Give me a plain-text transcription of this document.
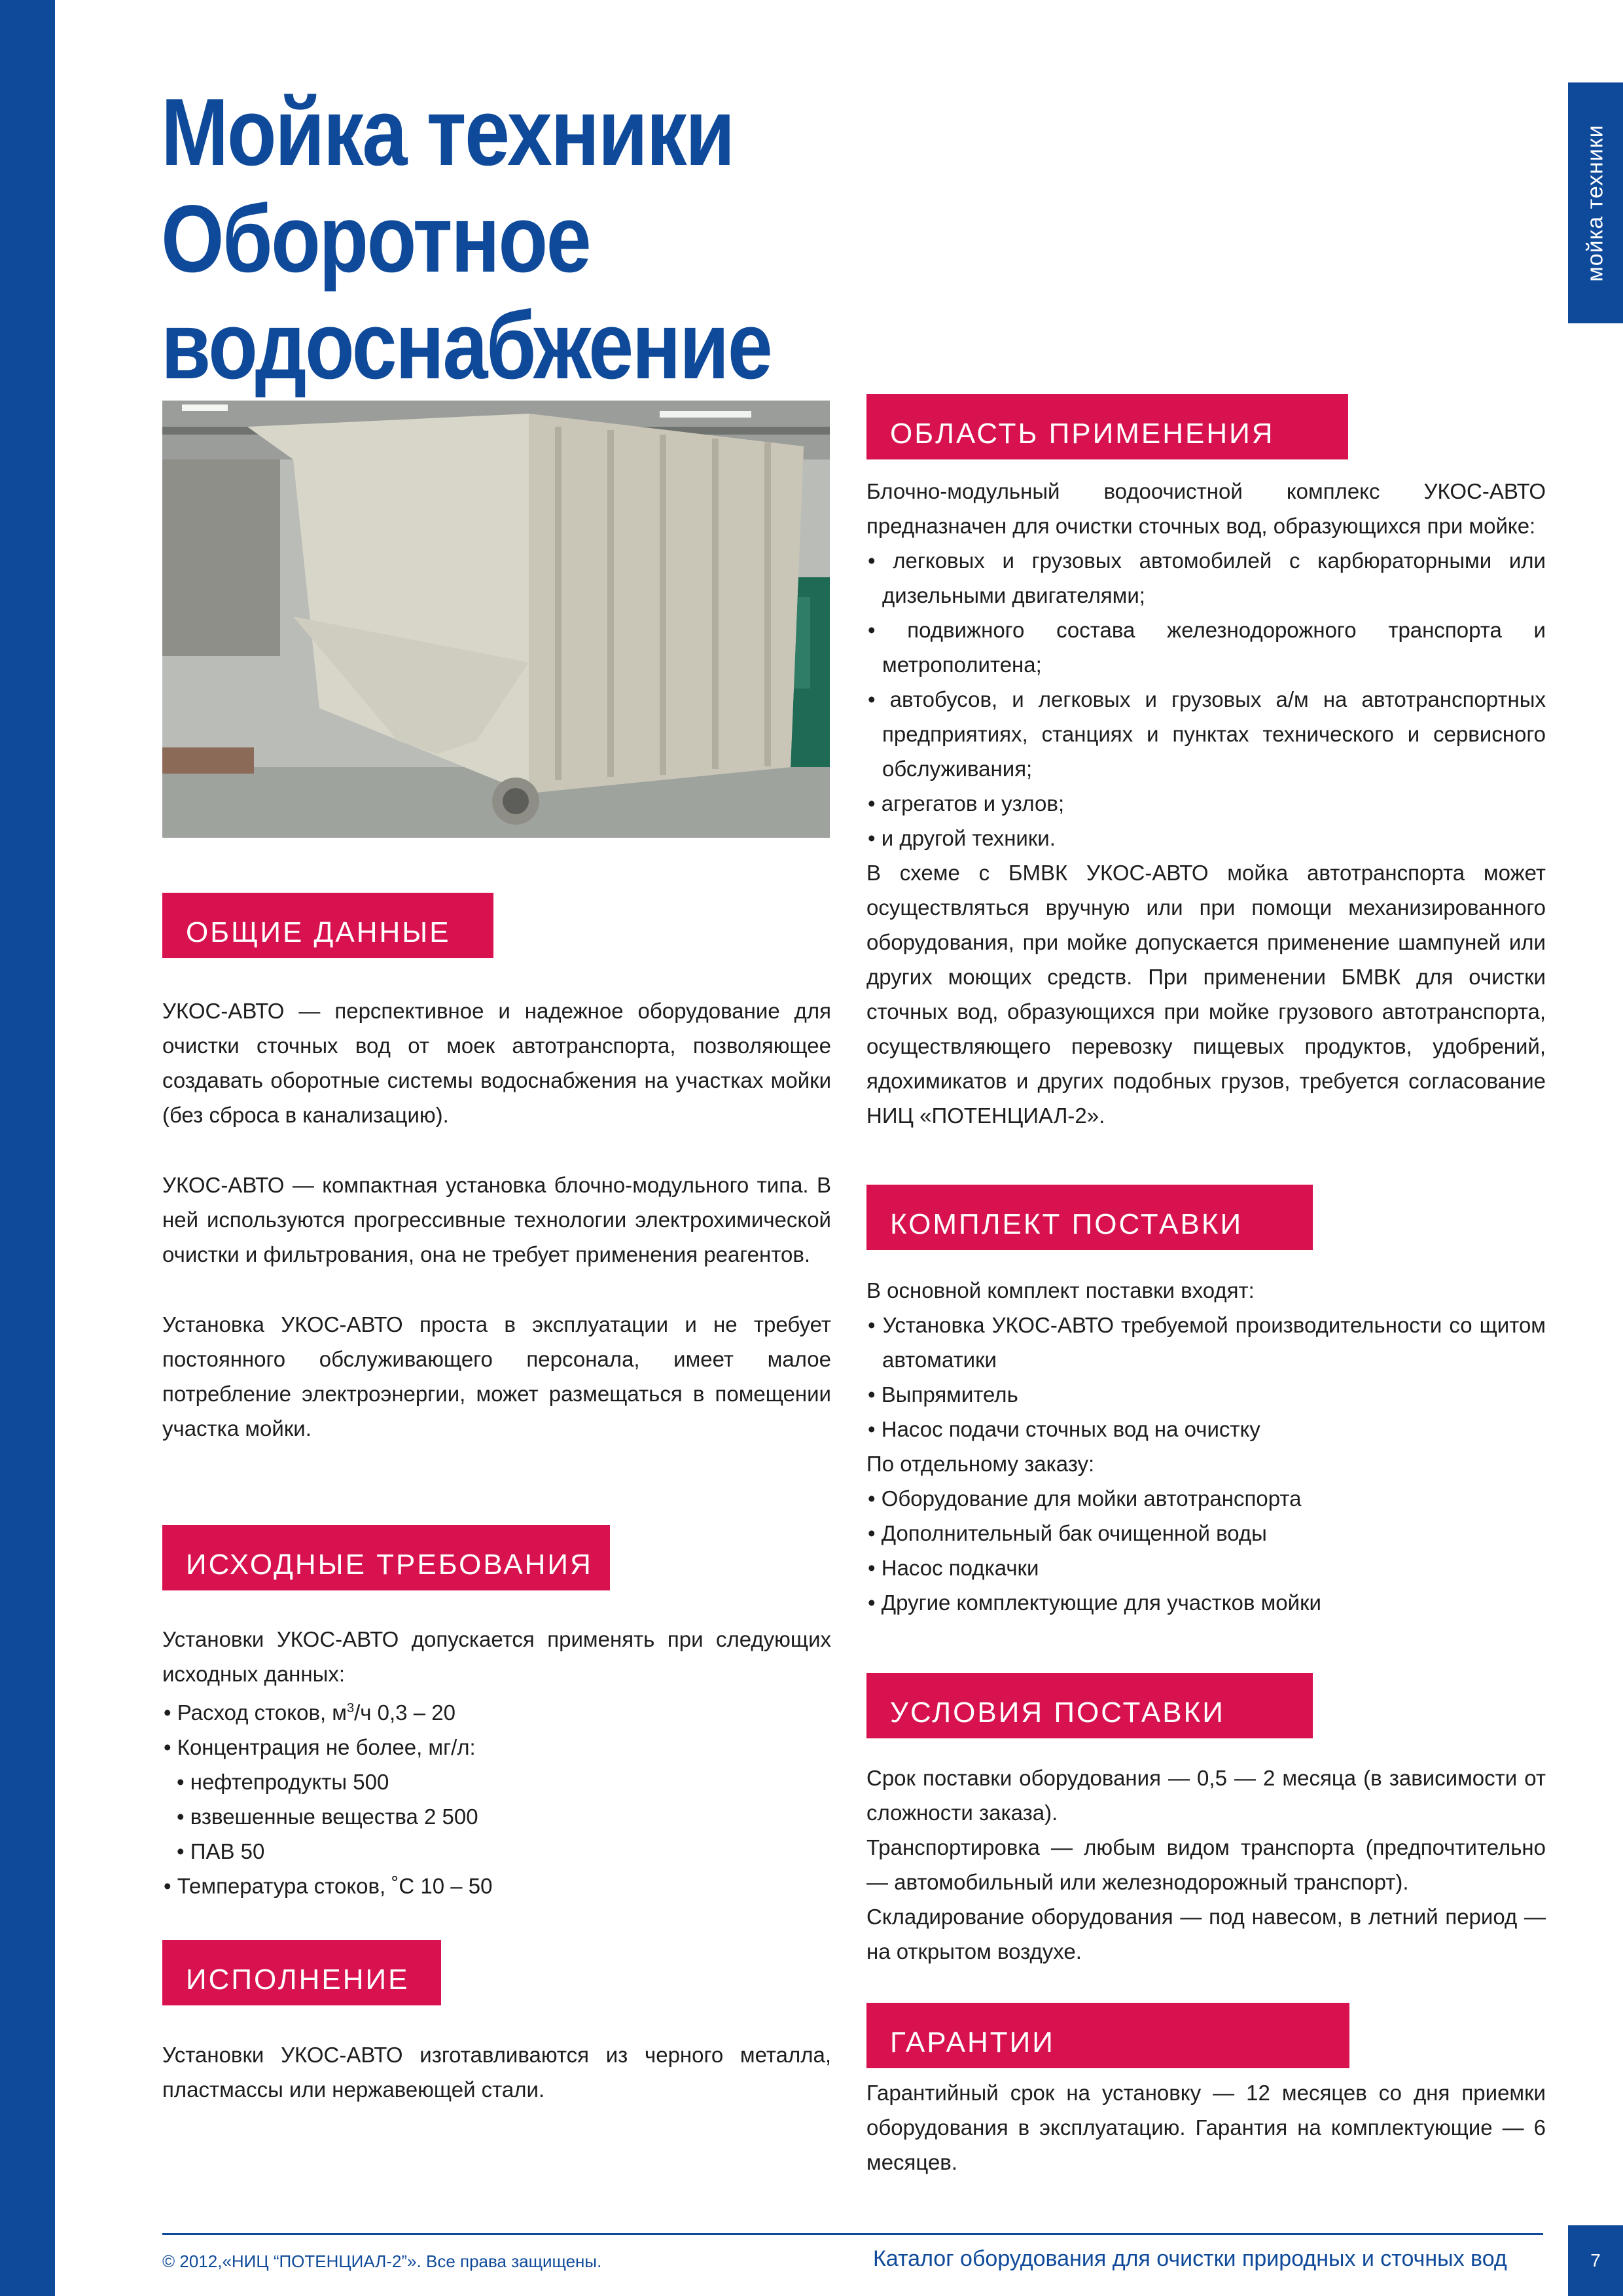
мойка техники
Мойка техники
Оборотное
водоснабжение
ОБЩИЕ ДАННЫЕ

УКОС-АВТО — перспективное и надежное оборудование для очистки сточных вод от моек автотранспорта, позволяющее создавать оборотные системы водоснабжения на участках мойки (без сброса в канализацию).

УКОС-АВТО — компактная установка блочно-модульного типа. В ней используются прогрессивные технологии электрохимической очистки и фильтрования, она не требует применения реагентов.

Установка УКОС-АВТО проста в эксплуатации и не требует постоянного обслуживающего персонала, имеет малое потребление электроэнергии, может размещаться в помещении участка мойки.

ИСХОДНЫЕ ТРЕБОВАНИЯ

Установки УКОС-АВТО допускается применять при следующих исходных данных:

• Расход стоков, $м^3/ч$ 0,3 – 20

• Концентрация не более, мг/л:

• нефтепродукты 500

• взвешенные вещества 2 500

• ПАВ 50

• Температура стоков, ˚С 10 – 50

ИСПОЛНЕНИЕ

Установки УКОС-АВТО изготавливаются из черного металла, пластмассы или нержавеющей стали.

ОБЛАСТЬ ПРИМЕНЕНИЯ

Блочно-модульный водоочистной комплекс УКОС-АВТО предназначен для очистки сточных вод, образующихся при мойке:

• легковых и грузовых автомобилей с карбюраторными или дизельными двигателями;

• подвижного состава железнодорожного транспорта и метрополитена;

• автобусов, и легковых и грузовых а/м на автотранспортных предприятиях, станциях и пунктах технического и сервисного обслуживания;

• агрегатов и узлов;

• и другой техники.

В схеме с БМВК УКОС-АВТО мойка автотранспорта может осуществляться вручную или при помощи механизированного оборудования, при мойке допускается применение шампуней или других моющих средств. При применении БМВК для очистки сточных вод, образующихся при мойке грузового автотранспорта, осуществляющего перевозку пищевых продуктов, удобрений, ядохимикатов и других подобных грузов, требуется согласование НИЦ «ПОТЕНЦИАЛ-2».

КОМПЛЕКТ ПОСТАВКИ

В основной комплект поставки входят:

• Установка УКОС-АВТО требуемой производительности со щитом автоматики

• Выпрямитель

• Насос подачи сточных вод на очистку

По отдельному заказу:

• Оборудование для мойки автотранспорта

• Дополнительный бак очищенной воды

• Насос подкачки

• Другие комплектующие для участков мойки

УСЛОВИЯ ПОСТАВКИ

Срок поставки оборудования — 0,5 — 2 месяца (в зависимости от сложности заказа).

Транспортировка — любым видом транспорта (предпочтительно — автомобильный или железнодорожный транспорт).

Складирование оборудования — под навесом, в летний период — на открытом воздухе.

ГАРАНТИИ

Гарантийный срок на установку — 12 месяцев со дня приемки оборудования в эксплуатацию. Гарантия на комплектующие — 6 месяцев.

© 2012,«НИЦ “ПОТЕНЦИАЛ-2”». Все права защищены.	Каталог оборудования для очистки природных и сточных вод	7
